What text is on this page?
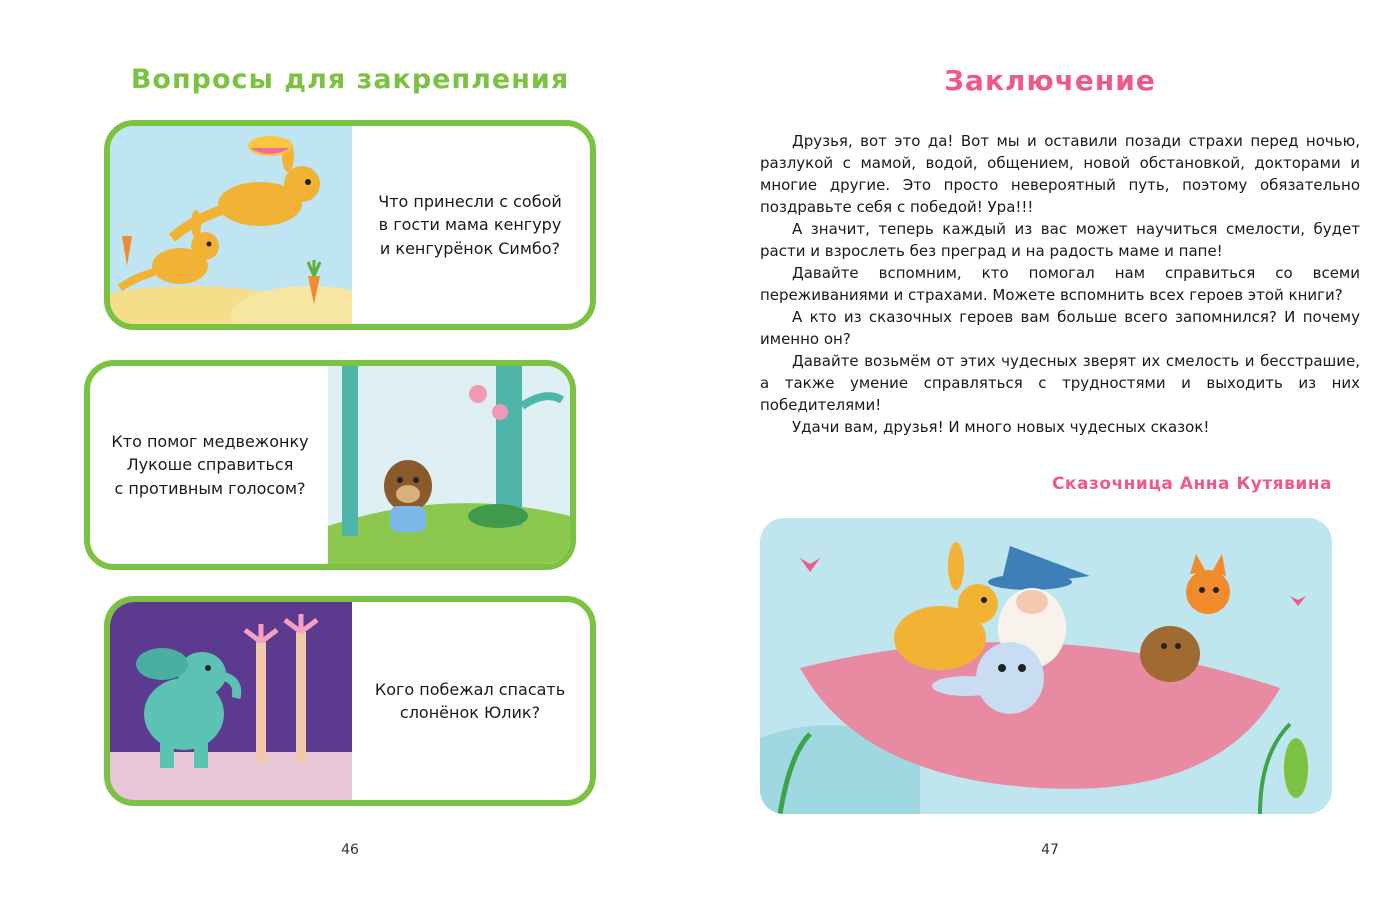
Вопросы для закрепления
Что принесли с собой
в гости мама кенгуру
и кенгурёнок Симбо?
Кто помог медвежонку
Лукоше справиться
с противным голосом?
Кого побежал спасать
слонёнок Юлик?
46
Заключение

Друзья, вот это да! Вот мы и оставили позади страхи перед ночью, разлукой с мамой, водой, общением, новой обстановкой, докторами и многие другие. Это просто невероятный путь, поэтому обязательно поздравьте себя с победой! Ура!!!

А значит, теперь каждый из вас может научиться смелости, будет расти и взрослеть без преград и на радость маме и папе!

Давайте вспомним, кто помогал нам справиться со всеми переживаниями и страхами. Можете вспомнить всех героев этой книги?

А кто из сказочных героев вам больше всего запомнился? И почему именно он?

Давайте возьмём от этих чудесных зверят их смелость и бесстрашие, а также умение справляться с трудностями и выходить из них победителями!

Удачи вам, друзья! И много новых чудесных сказок!

Сказочница Анна Кутявина
47
